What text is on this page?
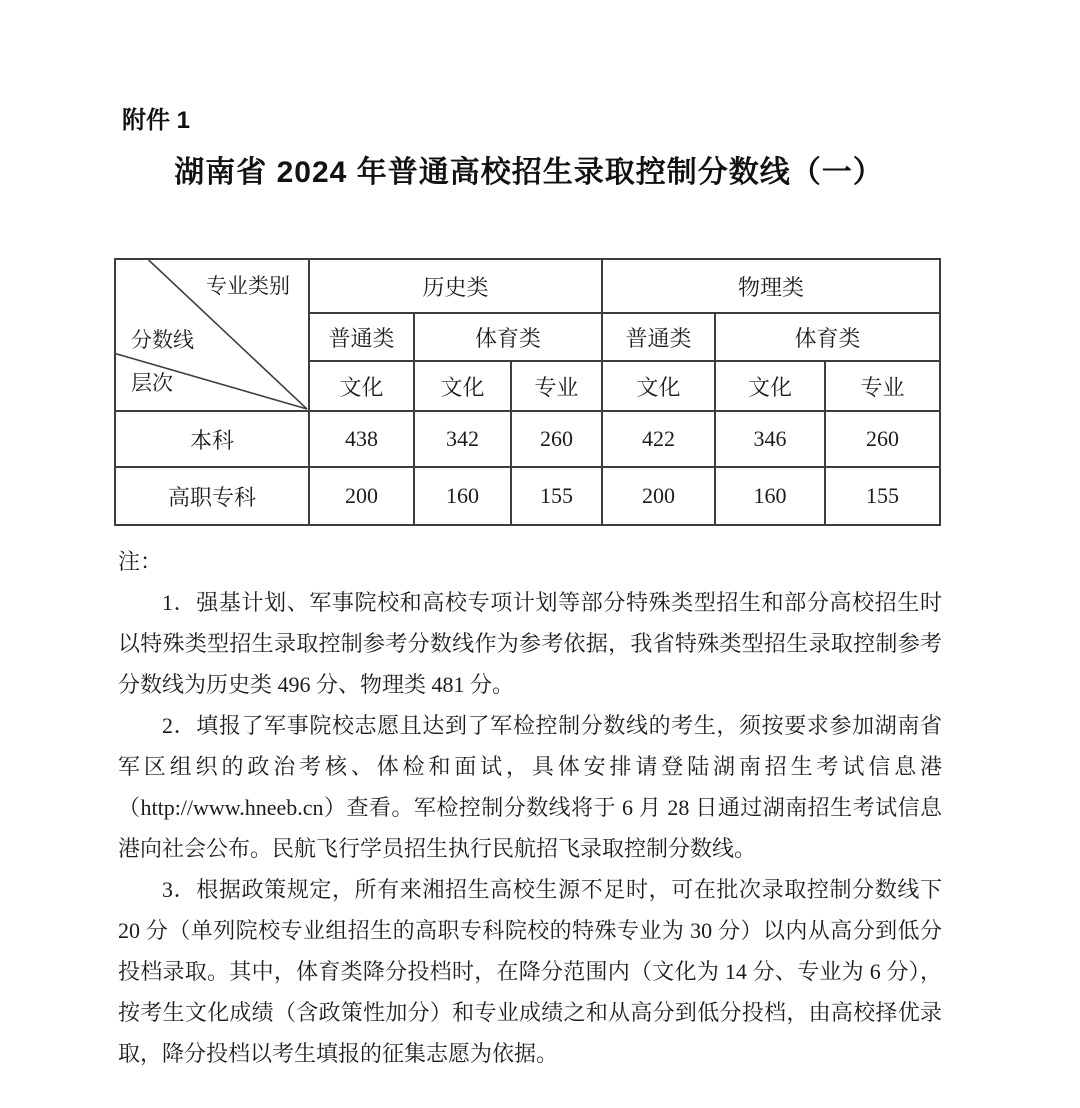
附件 1
湖南省 2024 年普通高校招生录取控制分数线（一）
专业类别
分数线
层次	历史类			物理类		
	普通类	体育类		普通类	体育类	
	文化	文化	专业	文化	文化	专业
本科	438	342	260	422	346	260
高职专科	200	160	155	200	160	155
注：

1．强基计划、军事院校和高校专项计划等部分特殊类型招生和部分高校招生时以特殊类型招生录取控制参考分数线作为参考依据，我省特殊类型招生录取控制参考分数线为历史类 496 分、物理类 481 分。

2．填报了军事院校志愿且达到了军检控制分数线的考生，须按要求参加湖南省军区组织的政治考核、体检和面试，具体安排请登陆湖南招生考试信息港（http://www.hneeb.cn）查看。军检控制分数线将于 6 月 28 日通过湖南招生考试信息港向社会公布。民航飞行学员招生执行民航招飞录取控制分数线。

3．根据政策规定，所有来湘招生高校生源不足时，可在批次录取控制分数线下 20 分（单列院校专业组招生的高职专科院校的特殊专业为 30 分）以内从高分到低分投档录取。其中，体育类降分投档时，在降分范围内（文化为 14 分、专业为 6 分），按考生文化成绩（含政策性加分）和专业成绩之和从高分到低分投档，由高校择优录取，降分投档以考生填报的征集志愿为依据。
